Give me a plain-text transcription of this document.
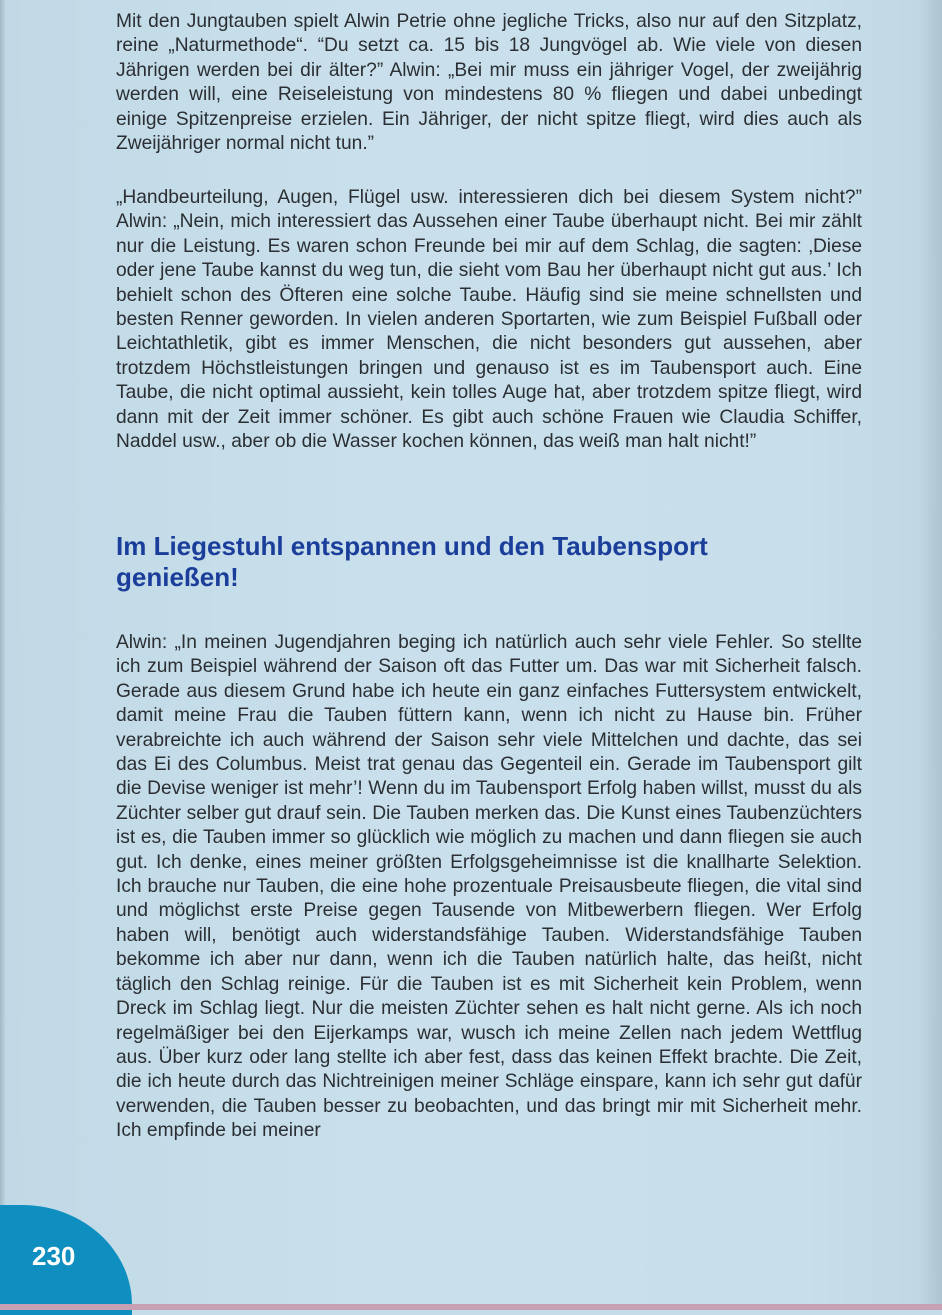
Mit den Jungtauben spielt Alwin Petrie ohne jegliche Tricks, also nur auf den Sitzplatz, reine „Naturmethode“. “Du setzt ca. 15 bis 18 Jungvögel ab. Wie viele von diesen Jährigen werden bei dir älter?” Alwin: „Bei mir muss ein jähriger Vogel, der zweijährig werden will, eine Reiseleistung von mindestens 80 % fliegen und dabei unbedingt einige Spitzenpreise erzielen. Ein Jähriger, der nicht spitze fliegt, wird dies auch als Zweijähriger normal nicht tun.”

„Handbeurteilung, Augen, Flügel usw. interessieren dich bei diesem System nicht?” Alwin: „Nein, mich interessiert das Aussehen einer Taube überhaupt nicht. Bei mir zählt nur die Leistung. Es waren schon Freunde bei mir auf dem Schlag, die sagten: ‚Diese oder jene Taube kannst du weg tun, die sieht vom Bau her überhaupt nicht gut aus.’ Ich behielt schon des Öfteren eine solche Taube. Häufig sind sie meine schnellsten und besten Renner geworden. In vielen anderen Sportarten, wie zum Beispiel Fußball oder Leichtathletik, gibt es immer Menschen, die nicht besonders gut aussehen, aber trotzdem Höchstleistungen bringen und genauso ist es im Taubensport auch. Eine Taube, die nicht optimal aussieht, kein tolles Auge hat, aber trotzdem spitze fliegt, wird dann mit der Zeit immer schöner. Es gibt auch schöne Frauen wie Claudia Schiffer, Naddel usw., aber ob die Wasser kochen können, das weiß man halt nicht!”

Im Liegestuhl entspannen und den Taubensport
genießen!

Alwin: „In meinen Jugendjahren beging ich natürlich auch sehr viele Fehler. So stellte ich zum Beispiel während der Saison oft das Futter um. Das war mit Sicherheit falsch. Gerade aus diesem Grund habe ich heute ein ganz einfaches Futtersystem entwickelt, damit meine Frau die Tauben füttern kann, wenn ich nicht zu Hause bin. Früher verabreichte ich auch während der Saison sehr viele Mittelchen und dachte, das sei das Ei des Columbus. Meist trat genau das Gegenteil ein. Gerade im Taubensport gilt die Devise weniger ist mehr’! Wenn du im Taubensport Erfolg haben willst, musst du als Züchter selber gut drauf sein. Die Tauben merken das. Die Kunst eines Taubenzüchters ist es, die Tauben immer so glücklich wie möglich zu machen und dann fliegen sie auch gut. Ich denke, eines meiner größten Erfolgsgeheimnisse ist die knallharte Selektion. Ich brauche nur Tauben, die eine hohe prozentuale Preisausbeute fliegen, die vital sind und möglichst erste Preise gegen Tausende von Mitbewerbern fliegen. Wer Erfolg haben will, benötigt auch widerstandsfähige Tauben. Widerstandsfähige Tauben bekomme ich aber nur dann, wenn ich die Tauben natürlich halte, das heißt, nicht täglich den Schlag reinige. Für die Tauben ist es mit Sicherheit kein Problem, wenn Dreck im Schlag liegt. Nur die meisten Züchter sehen es halt nicht gerne. Als ich noch regelmäßiger bei den Eijerkamps war, wusch ich meine Zellen nach jedem Wettflug aus. Über kurz oder lang stellte ich aber fest, dass das keinen Effekt brachte. Die Zeit, die ich heute durch das Nichtreinigen meiner Schläge einspare, kann ich sehr gut dafür verwenden, die Tauben besser zu beobachten, und das bringt mir mit Sicherheit mehr. Ich empfinde bei meiner

230
